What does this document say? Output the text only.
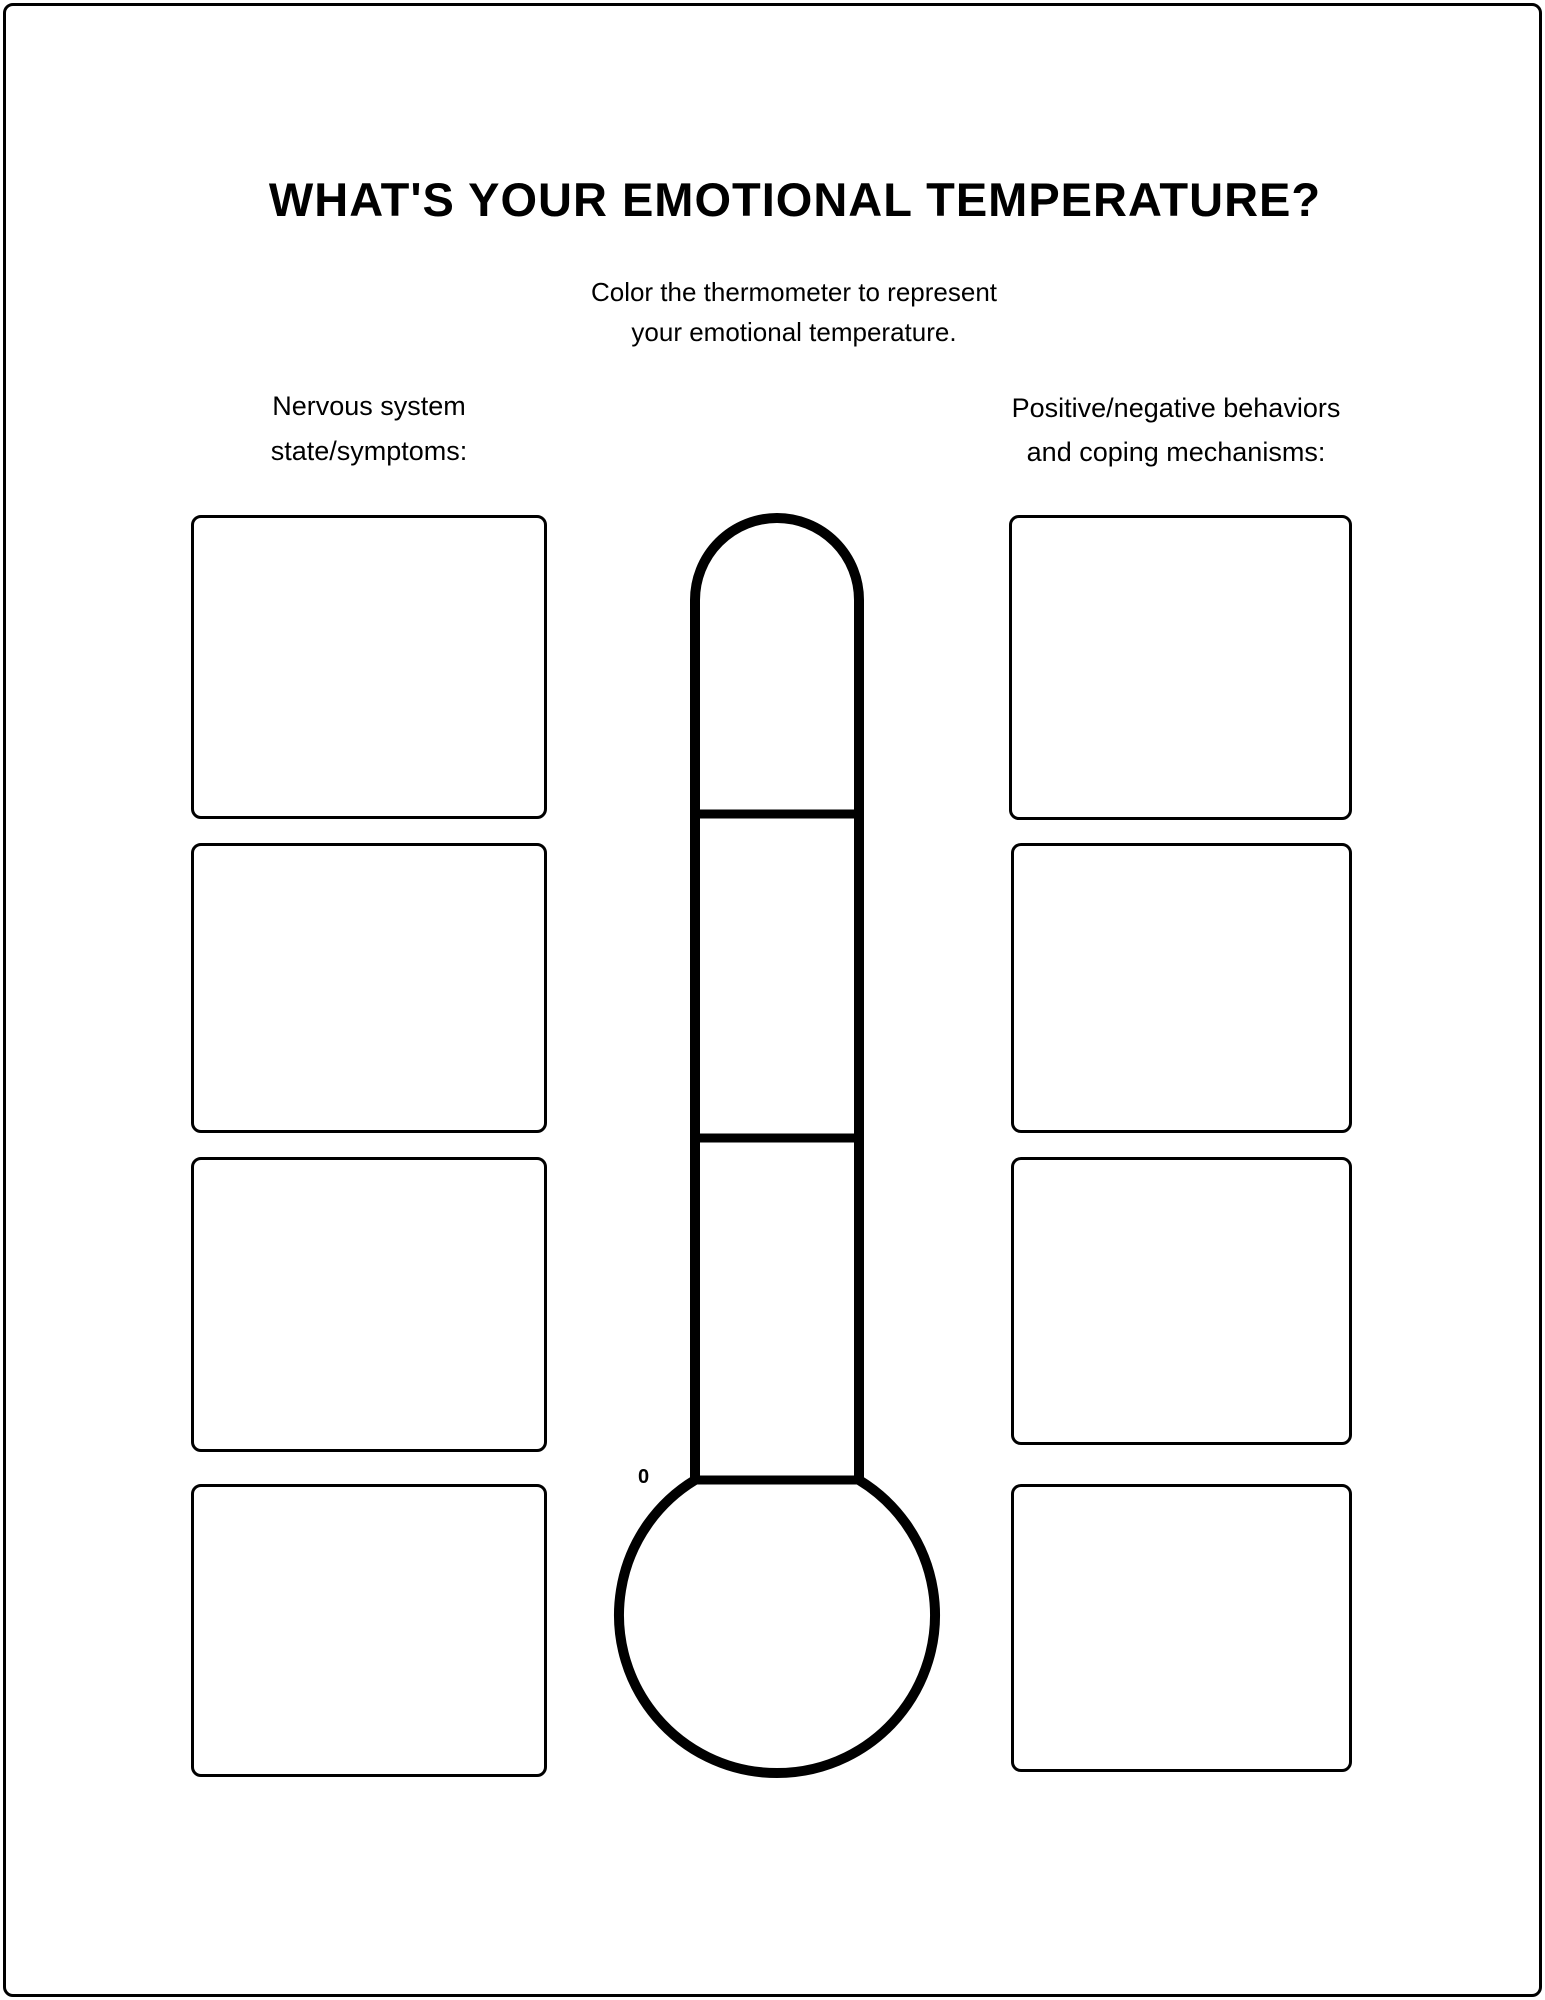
WHAT'S YOUR EMOTIONAL TEMPERATURE?
Color the thermometer to represent
your emotional temperature.
Nervous system
state/symptoms:
Positive/negative behaviors
and coping mechanisms:
0
